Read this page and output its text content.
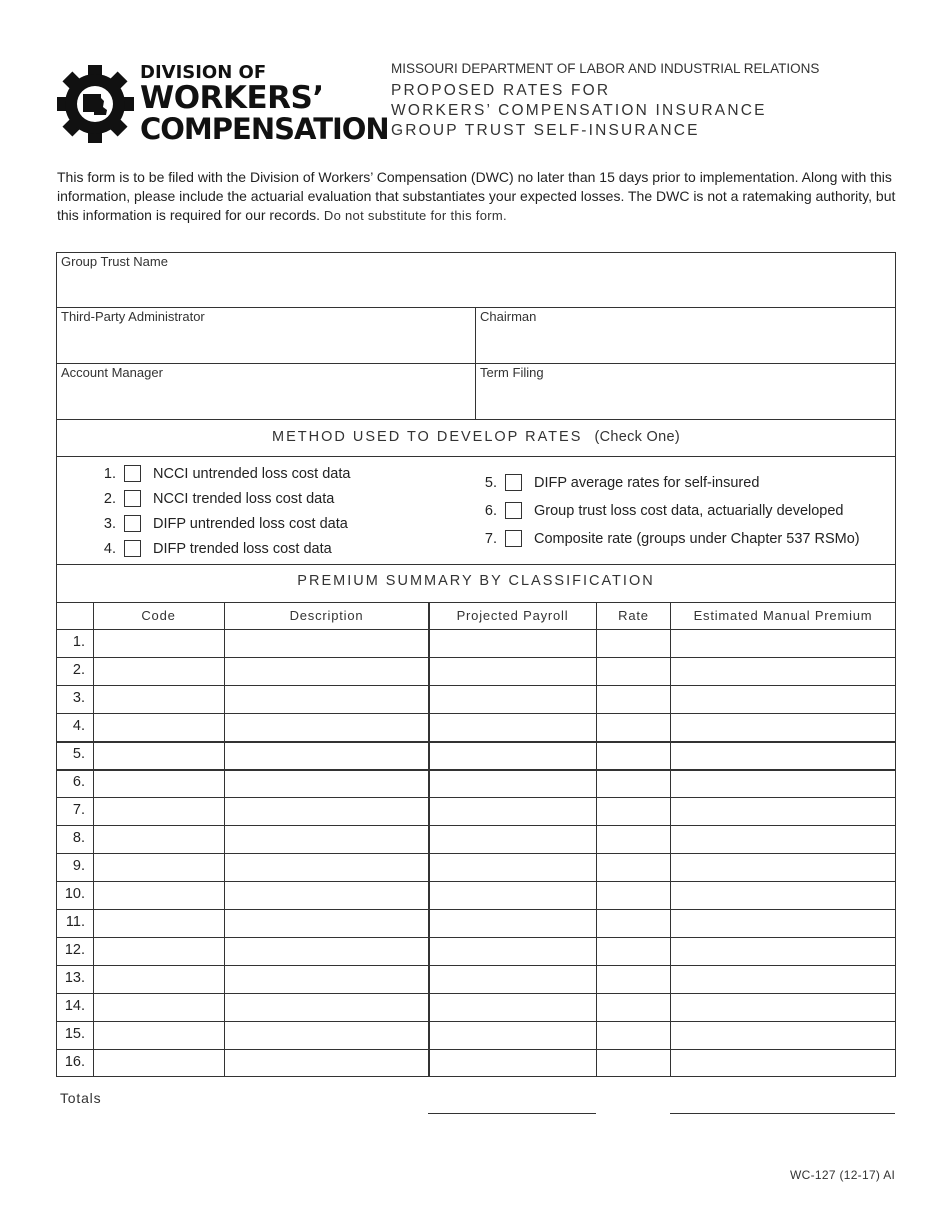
DIVISION OF
WORKERS’
COMPENSATION
MISSOURI DEPARTMENT OF LABOR AND INDUSTRIAL RELATIONS
PROPOSED RATES FOR
WORKERS’ COMPENSATION INSURANCE
GROUP TRUST SELF-INSURANCE
This form is to be filed with the Division of Workers’ Compensation (DWC) no later than 15 days prior to implementation. Along with this information, please include the actuarial evaluation that substantiates your expected losses. The DWC is not a ratemaking authority, but this information is required for our records. Do not substitute for this form.
Group Trust Name
Third-Party Administrator	Chairman
Account Manager	Term Filing
METHOD USED TO DEVELOP RATES (Check One)
1.	NCCI untrended loss cost data
2.	NCCI trended loss cost data
3.	DIFP untrended loss cost data
4.	DIFP trended loss cost data
5.	DIFP average rates for self-insured
6.	Group trust loss cost data, actuarially developed
7.	Composite rate (groups under Chapter 537 RSMo)
PREMIUM SUMMARY BY CLASSIFICATION
Code	Description	Projected Payroll	Rate	Estimated Manual Premium
1.
2.
3.
4.
5.
6.
7.
8.
9.
10.
11.
12.
13.
14.
15.
16.
Totals
WC-127 (12-17) AI
